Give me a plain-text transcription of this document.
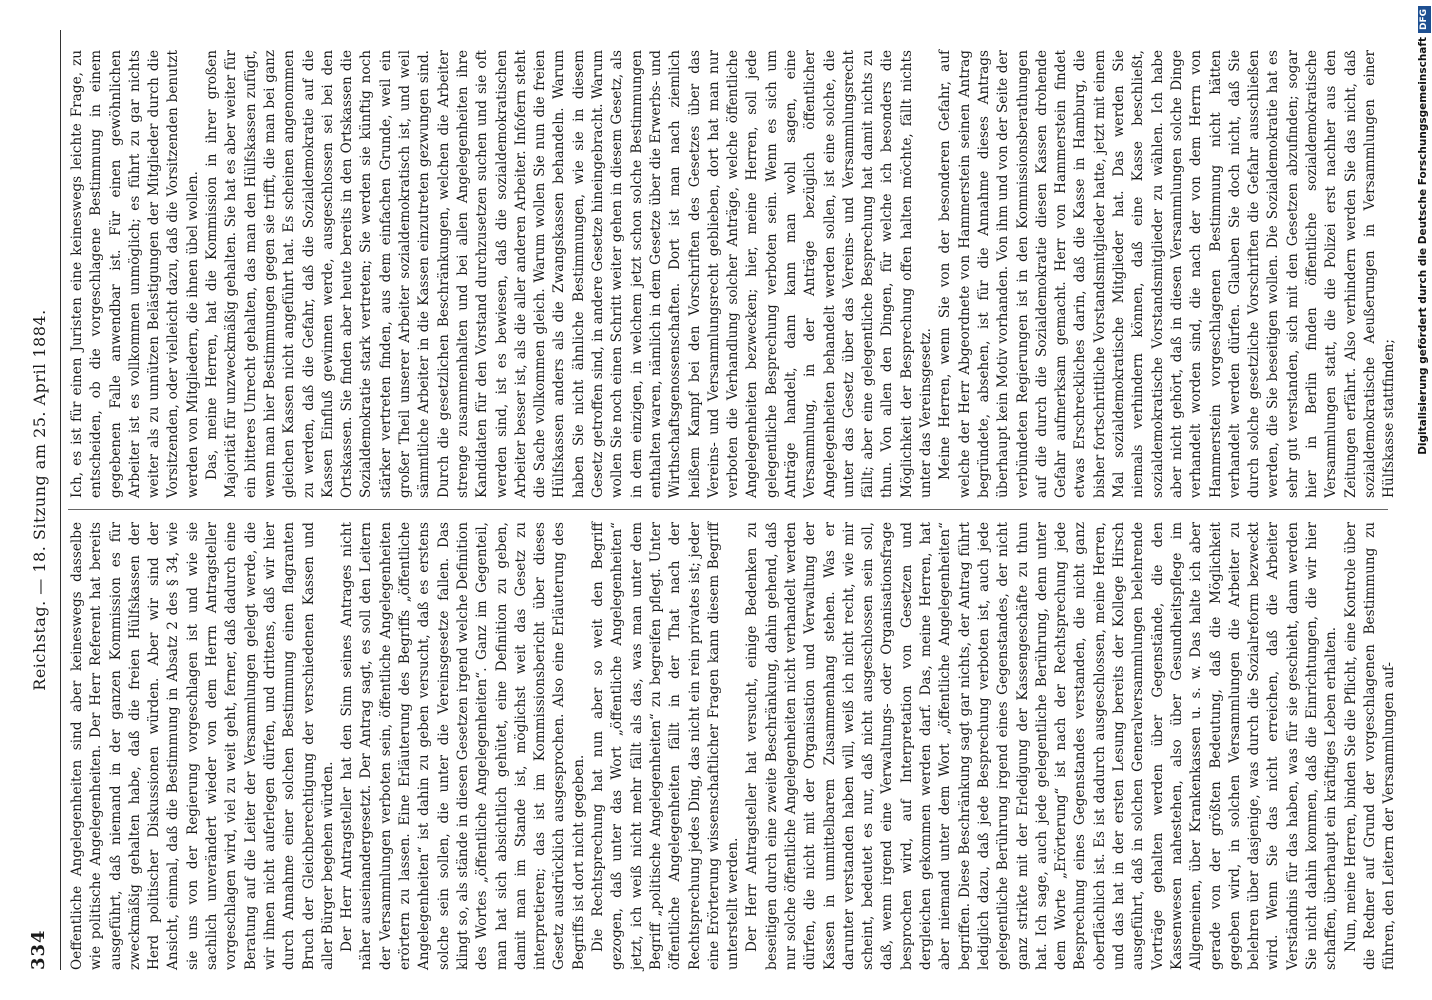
334
Reichstag. — 18. Sitzung am 25. April 1884.

Oeffentliche Angelegenheiten sind aber keineswegs dasselbe wie politische Angelegenheiten. Der Herr Referent hat bereits ausgeführt, daß niemand in der ganzen Kommission es für zweckmäßig gehalten habe, daß die freien Hülfskassen der Herd politischer Diskussionen würden. Aber wir sind der Ansicht, einmal, daß die Bestimmung in Absatz 2 des § 34, wie sie uns von der Regierung vorgeschlagen ist und wie sie sachlich unverändert wieder von dem Herrn Antragsteller vorgeschlagen wird, viel zu weit geht, ferner, daß dadurch eine Beratung auf die Leiter der Versammlungen gelegt werde, die wir ihnen nicht auferlegen dürfen, und drittens, daß wir hier durch Annahme einer solchen Bestimmung einen flagranten Bruch der Gleichberechtigung der verschiedenen Kassen und aller Bürger begehen würden. Der Herr Antragsteller hat den Sinn seines Antrages nicht näher auseinandergesetzt. Der Antrag sagt, es soll den Leitern der Versammlungen verboten sein, öffentliche Angelegenheiten erörtern zu lassen. Eine Erläuterung des Begriffs „öffentliche Angelegenheiten“ ist dahin zu geben versucht, daß es erstens solche sein sollen, die unter die Vereinsgesetze fallen. Das klingt so, als stände in diesen Gesetzen irgend welche Definition des Wortes „öffentliche Angelegenheiten“. Ganz im Gegenteil, man hat sich absichtlich gehütet, eine Definition zu geben, damit man im Stande ist, möglichst weit das Gesetz zu interpretieren; das ist im Kommissionsbericht über dieses Gesetz ausdrücklich ausgesprochen. Also eine Erläuterung des Begriffs ist dort nicht gegeben. Die Rechtsprechung hat nun aber so weit den Begriff gezogen, daß unter das Wort „öffentliche Angelegenheiten“ jetzt, ich weiß nicht mehr fällt als das, was man unter dem Begriff „politische Angelegenheiten“ zu begreifen pflegt. Unter öffentliche Angelegenheiten fällt in der That nach der Rechtsprechung jedes Ding, das nicht ein rein privates ist; jeder eine Erörterung wissenschaftlicher Fragen kann diesem Begriff unterstellt werden. Der Herr Antragsteller hat versucht, einige Bedenken zu beseitigen durch eine zweite Beschränkung, dahin gehend, daß nur solche öffentliche Angelegenheiten nicht verhandelt werden dürfen, die nicht mit der Organisation und Verwaltung der Kassen in unmittelbarem Zusammenhang stehen. Was er darunter verstanden haben will, weiß ich nicht recht, wie mir scheint, bedeutet es nur, daß nicht ausgeschlossen sein soll, daß, wenn irgend eine Verwaltungs- oder Organisationsfrage besprochen wird, auf Interpretation von Gesetzen und dergleichen gekommen werden darf. Das, meine Herren, hat aber niemand unter dem Wort „öffentliche Angelegenheiten“ begriffen. Diese Beschränkung sagt gar nichts, der Antrag führt lediglich dazu, daß jede Besprechung verboten ist, auch jede gelegentliche Berührung irgend eines Gegenstandes, der nicht ganz strikte mit der Erledigung der Kassengeschäfte zu thun hat. Ich sage, auch jede gelegentliche Berührung, denn unter dem Worte „Erörterung“ ist nach der Rechtsprechung jede Besprechung eines Gegenstandes verstanden, die nicht ganz oberflächlich ist. Es ist dadurch ausgeschlossen, meine Herren, und das hat in der ersten Lesung bereits der Kollege Hirsch ausgeführt, daß in solchen Generalversammlungen belehrende Vorträge gehalten werden über Gegenstände, die den Kassenwesen nahestehen, also über Gesundheitspflege im Allgemeinen, über Krankenkassen u. s. w. Das halte ich aber gerade von der größten Bedeutung, daß die Möglichkeit gegeben wird, in solchen Versammlungen die Arbeiter zu belehren über dasjenige, was durch die Sozialreform bezweckt wird. Wenn Sie das nicht erreichen, daß die Arbeiter Verständnis für das haben, was für sie geschieht, dann werden Sie nicht dahin kommen, daß die Einrichtungen, die wir hier schaffen, überhaupt ein kräftiges Leben erhalten. Nun, meine Herren, binden Sie die Pflicht, eine Kontrole über die Redner auf Grund der vorgeschlagenen Bestimmung zu führen, den Leitern der Versammlungen auf-

Ich, es ist für einen Juristen eine keineswegs leichte Frage, zu entscheiden, ob die vorgeschlagene Bestimmung in einem gegebenen Falle anwendbar ist. Für einen gewöhnlichen Arbeiter ist es vollkommen unmöglich; es führt zu gar nichts weiter als zu unnützen Belästigungen der Mitglieder durch die Vorsitzenden, oder vielleicht dazu, daß die Vorsitzenden benutzt werden von Mitgliedern, die ihnen übel wollen. Das, meine Herren, hat die Kommission in ihrer großen Majorität für unzweckmäßig gehalten. Sie hat es aber weiter für ein bitteres Unrecht gehalten, das man den Hülfskassen zufügt, wenn man hier Bestimmungen gegen sie trifft, die man bei ganz gleichen Kassen nicht angeführt hat. Es scheinen angenommen zu werden, daß die Gefahr, daß die Sozialdemokratie auf die Kassen Einfluß gewinnen werde, ausgeschlossen sei bei den Ortskassen. Sie finden aber heute bereits in den Ortskassen die Sozialdemokratie stark vertreten; Sie werden sie künftig noch stärker vertreten finden, aus dem einfachen Grunde, weil ein großer Theil unserer Arbeiter sozialdemokratisch ist, und weil sämmtliche Arbeiter in die Kassen einzutreten gezwungen sind. Durch die gesetzlichen Beschränkungen, welchen die Arbeiter strenge zusammenhalten und bei allen Angelegenheiten ihre Kandidaten für den Vorstand durchzusetzen suchen und sie oft werden sind, ist es bewiesen, daß die sozialdemokratischen Arbeiter besser ist, als die aller anderen Arbeiter. Infofern steht die Sache vollkommen gleich. Warum wollen Sie nun die freien Hülfskassen anders als die Zwangskassen behandeln. Warum haben Sie nicht ähnliche Bestimmungen, wie sie in diesem Gesetz getroffen sind, in andere Gesetze hineingebracht. Warum wollen Sie noch einen Schritt weiter gehen in diesem Gesetz, als in dem einzigen, in welchem jetzt schon solche Bestimmungen enthalten waren, nämlich in dem Gesetze über die Erwerbs- und Wirthschaftsgenossenschaften. Dort ist man nach ziemlich heißem Kampf bei den Vorschriften des Gesetzes über das Vereins- und Versammlungsrecht geblieben, dort hat man nur verboten die Verhandlung solcher Anträge, welche öffentliche Angelegenheiten bezwecken; hier, meine Herren, soll jede gelegentliche Besprechung verboten sein. Wenn es sich um Anträge handelt, dann kann man wohl sagen, eine Versammlung, in der Anträge bezüglich öffentlicher Angelegenheiten behandelt werden sollen, ist eine solche, die unter das Gesetz über das Vereins- und Versammlungsrecht fällt; aber eine gelegentliche Besprechung hat damit nichts zu thun. Von allen den Dingen, für welche ich besonders die Möglichkeit der Besprechung offen halten möchte, fällt nichts unter das Vereinsgesetz. Meine Herren, wenn Sie von der besonderen Gefahr, auf welche der Herr Abgeordnete von Hammerstein seinen Antrag begründete, absehen, ist für die Annahme dieses Antrags überhaupt kein Motiv vorhanden. Von ihm und von der Seite der verbündeten Regierungen ist in den Kommissionsberathungen auf die durch die Sozialdemokratie diesen Kassen drohende Gefahr aufmerksam gemacht. Herr von Hammerstein findet etwas Erschreckliches darin, daß die Kasse in Hamburg, die bisher fortschrittliche Vorstandsmitglieder hatte, jetzt mit einem Mal sozialdemokratische Mitglieder hat. Das werden Sie niemals verhindern können, daß eine Kasse beschließt, sozialdemokratische Vorstandsmitglieder zu wählen. Ich habe aber nicht gehört, daß in diesen Versammlungen solche Dinge verhandelt worden sind, die nach der von dem Herrn von Hammerstein vorgeschlagenen Bestimmung nicht hätten verhandelt werden dürfen. Glauben Sie doch nicht, daß Sie durch solche gesetzliche Vorschriften die Gefahr ausschließen werden, die Sie beseitigen wollen. Die Sozialdemokratie hat es sehr gut verstanden, sich mit den Gesetzen abzufinden; sogar hier in Berlin finden öffentliche sozialdemokratische Versammlungen statt, die die Polizei erst nachher aus den Zeitungen erfährt. Also verhindern werden Sie das nicht, daß sozialdemokratische Aeußerungen in Versammlungen einer Hülfskasse stattfinden; Digitalisierung gefördert durch die Deutsche ForschungsgemeinschaftDFG
